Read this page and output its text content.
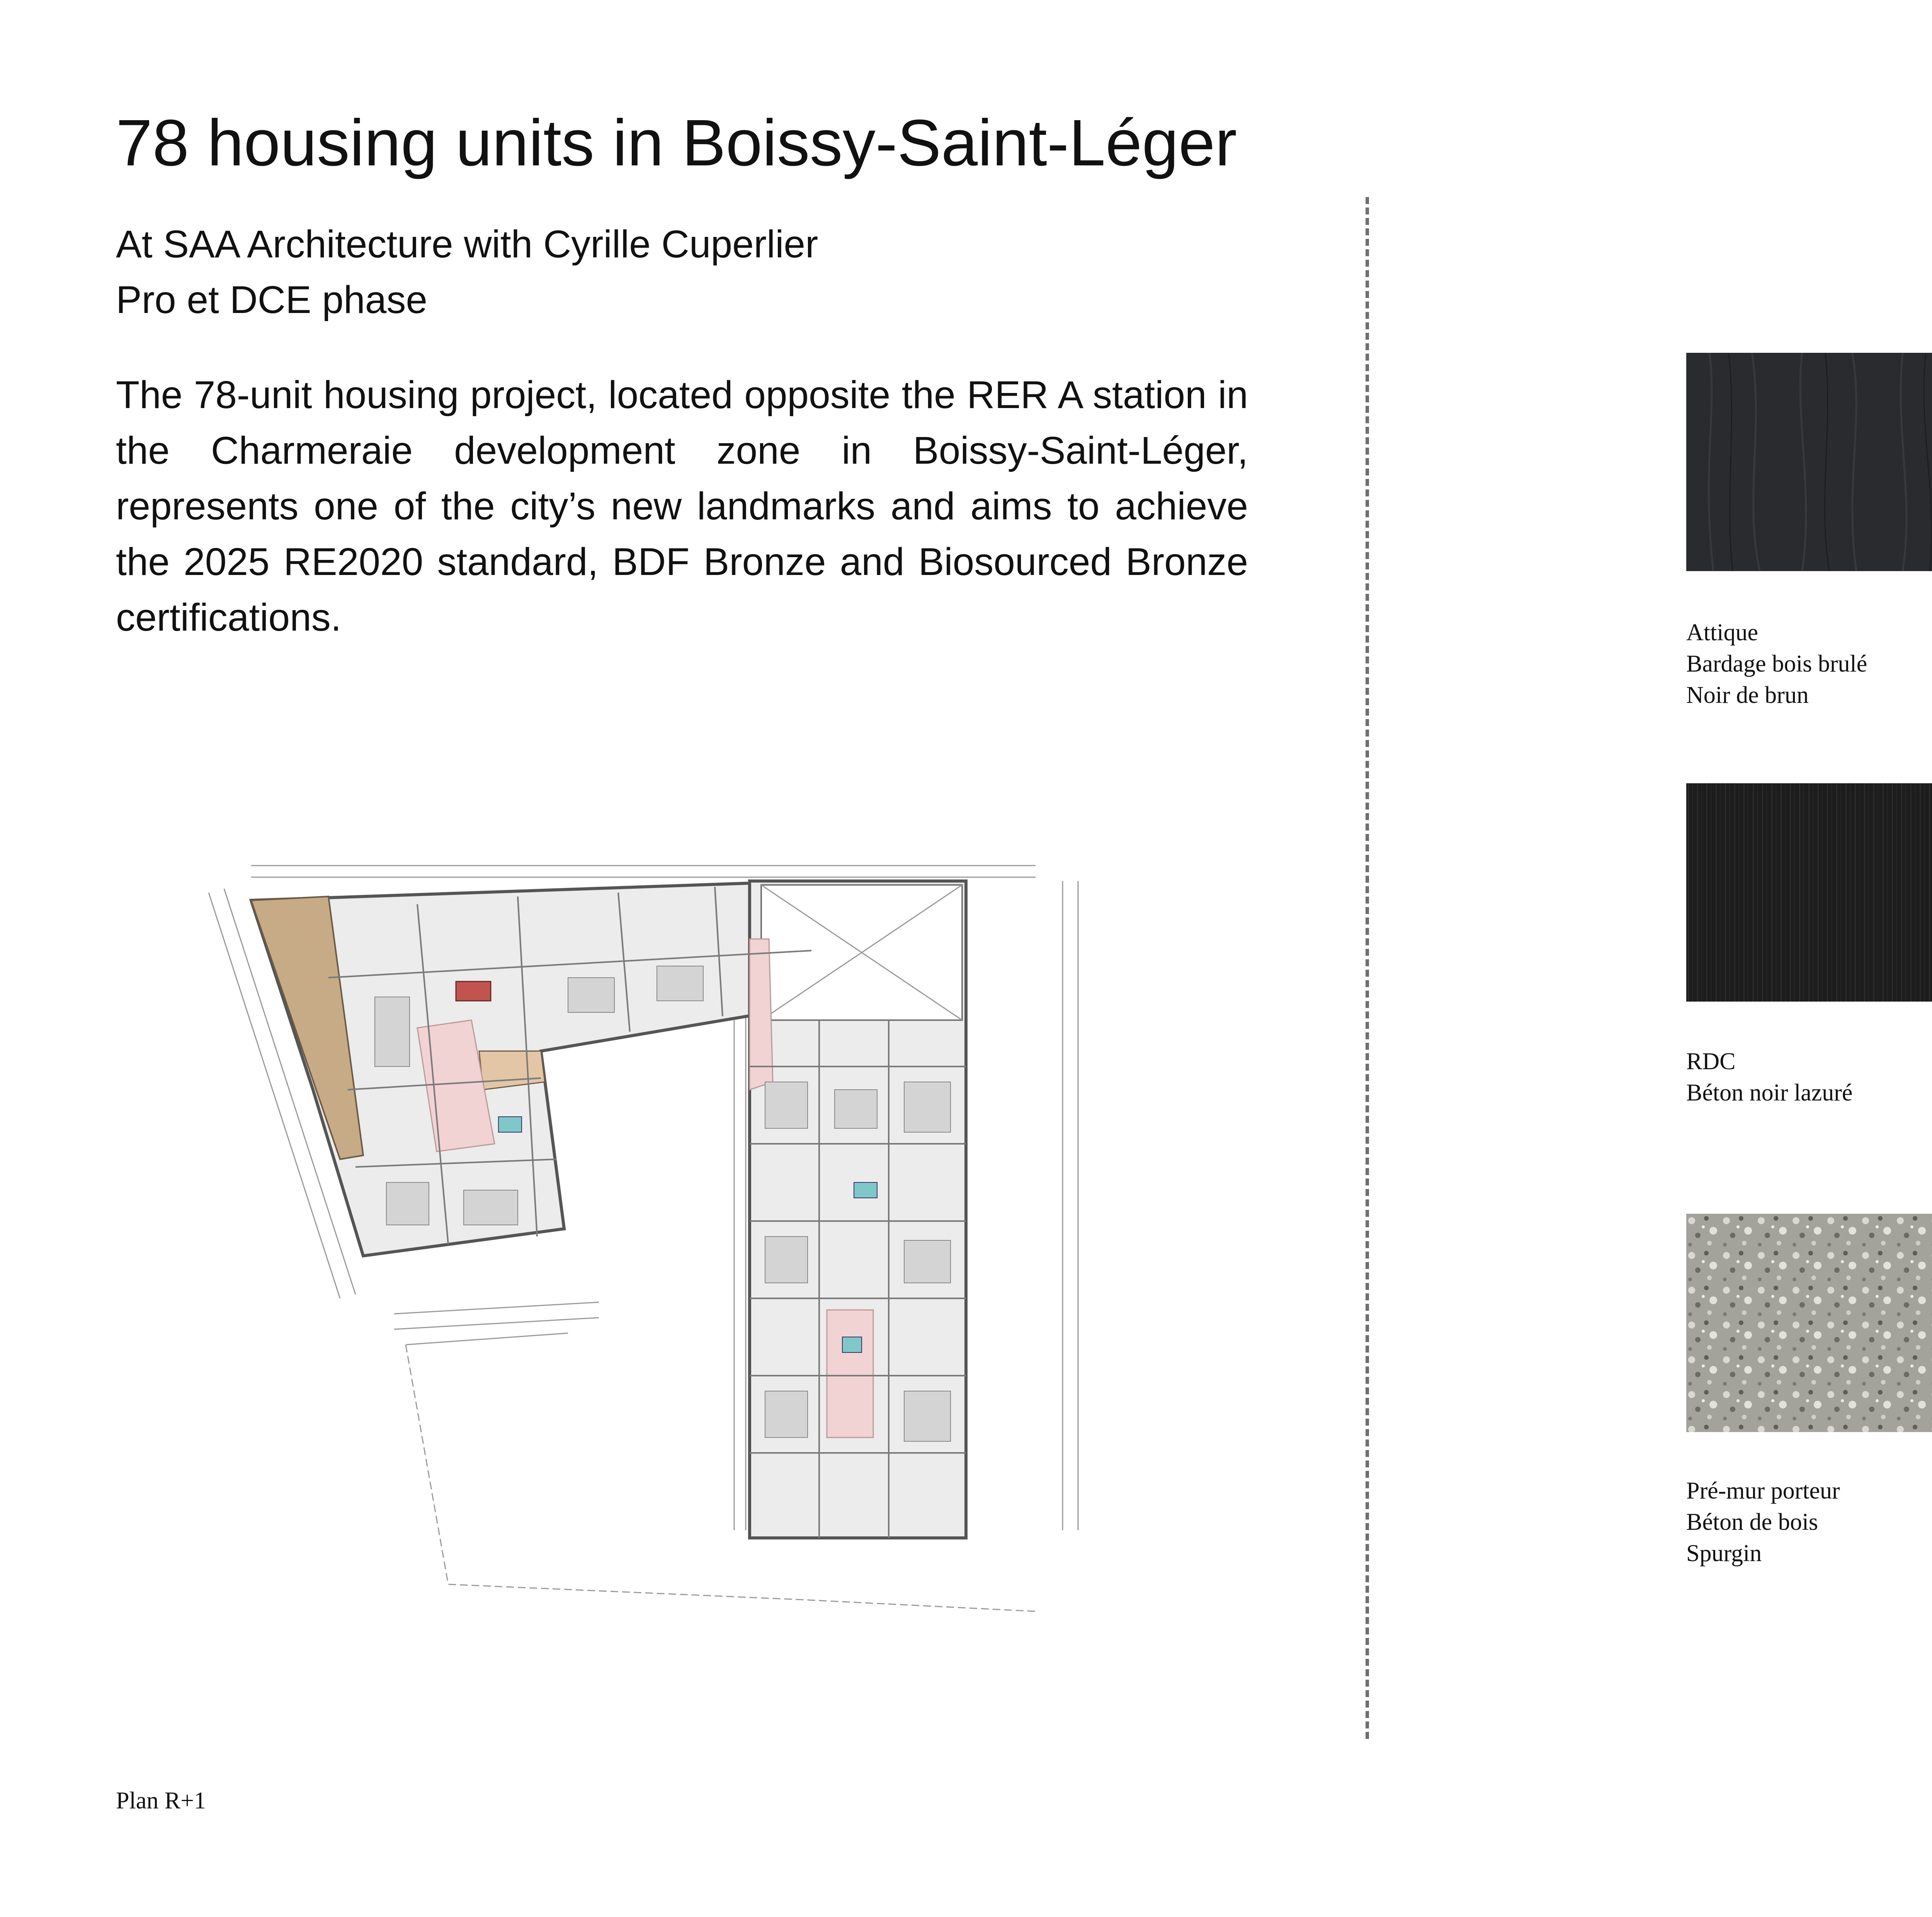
78 housing units in Boissy-Saint-Léger
At SAA Architecture with Cyrille Cuperlier
Pro et DCE phase

The 78-unit housing project, located opposite the RER A station in the Charmeraie development zone in Boissy-Saint-Léger, represents one of the city’s new landmarks and aims to achieve the 2025 RE2020 standard, BDF Bronze and Biosourced Bronze certifications.

Plan R+1
Attique
Bardage bois brulé
Noir de brun
RDC
Béton noir lazuré
Pré-mur porteur
Béton de bois
Spurgin
